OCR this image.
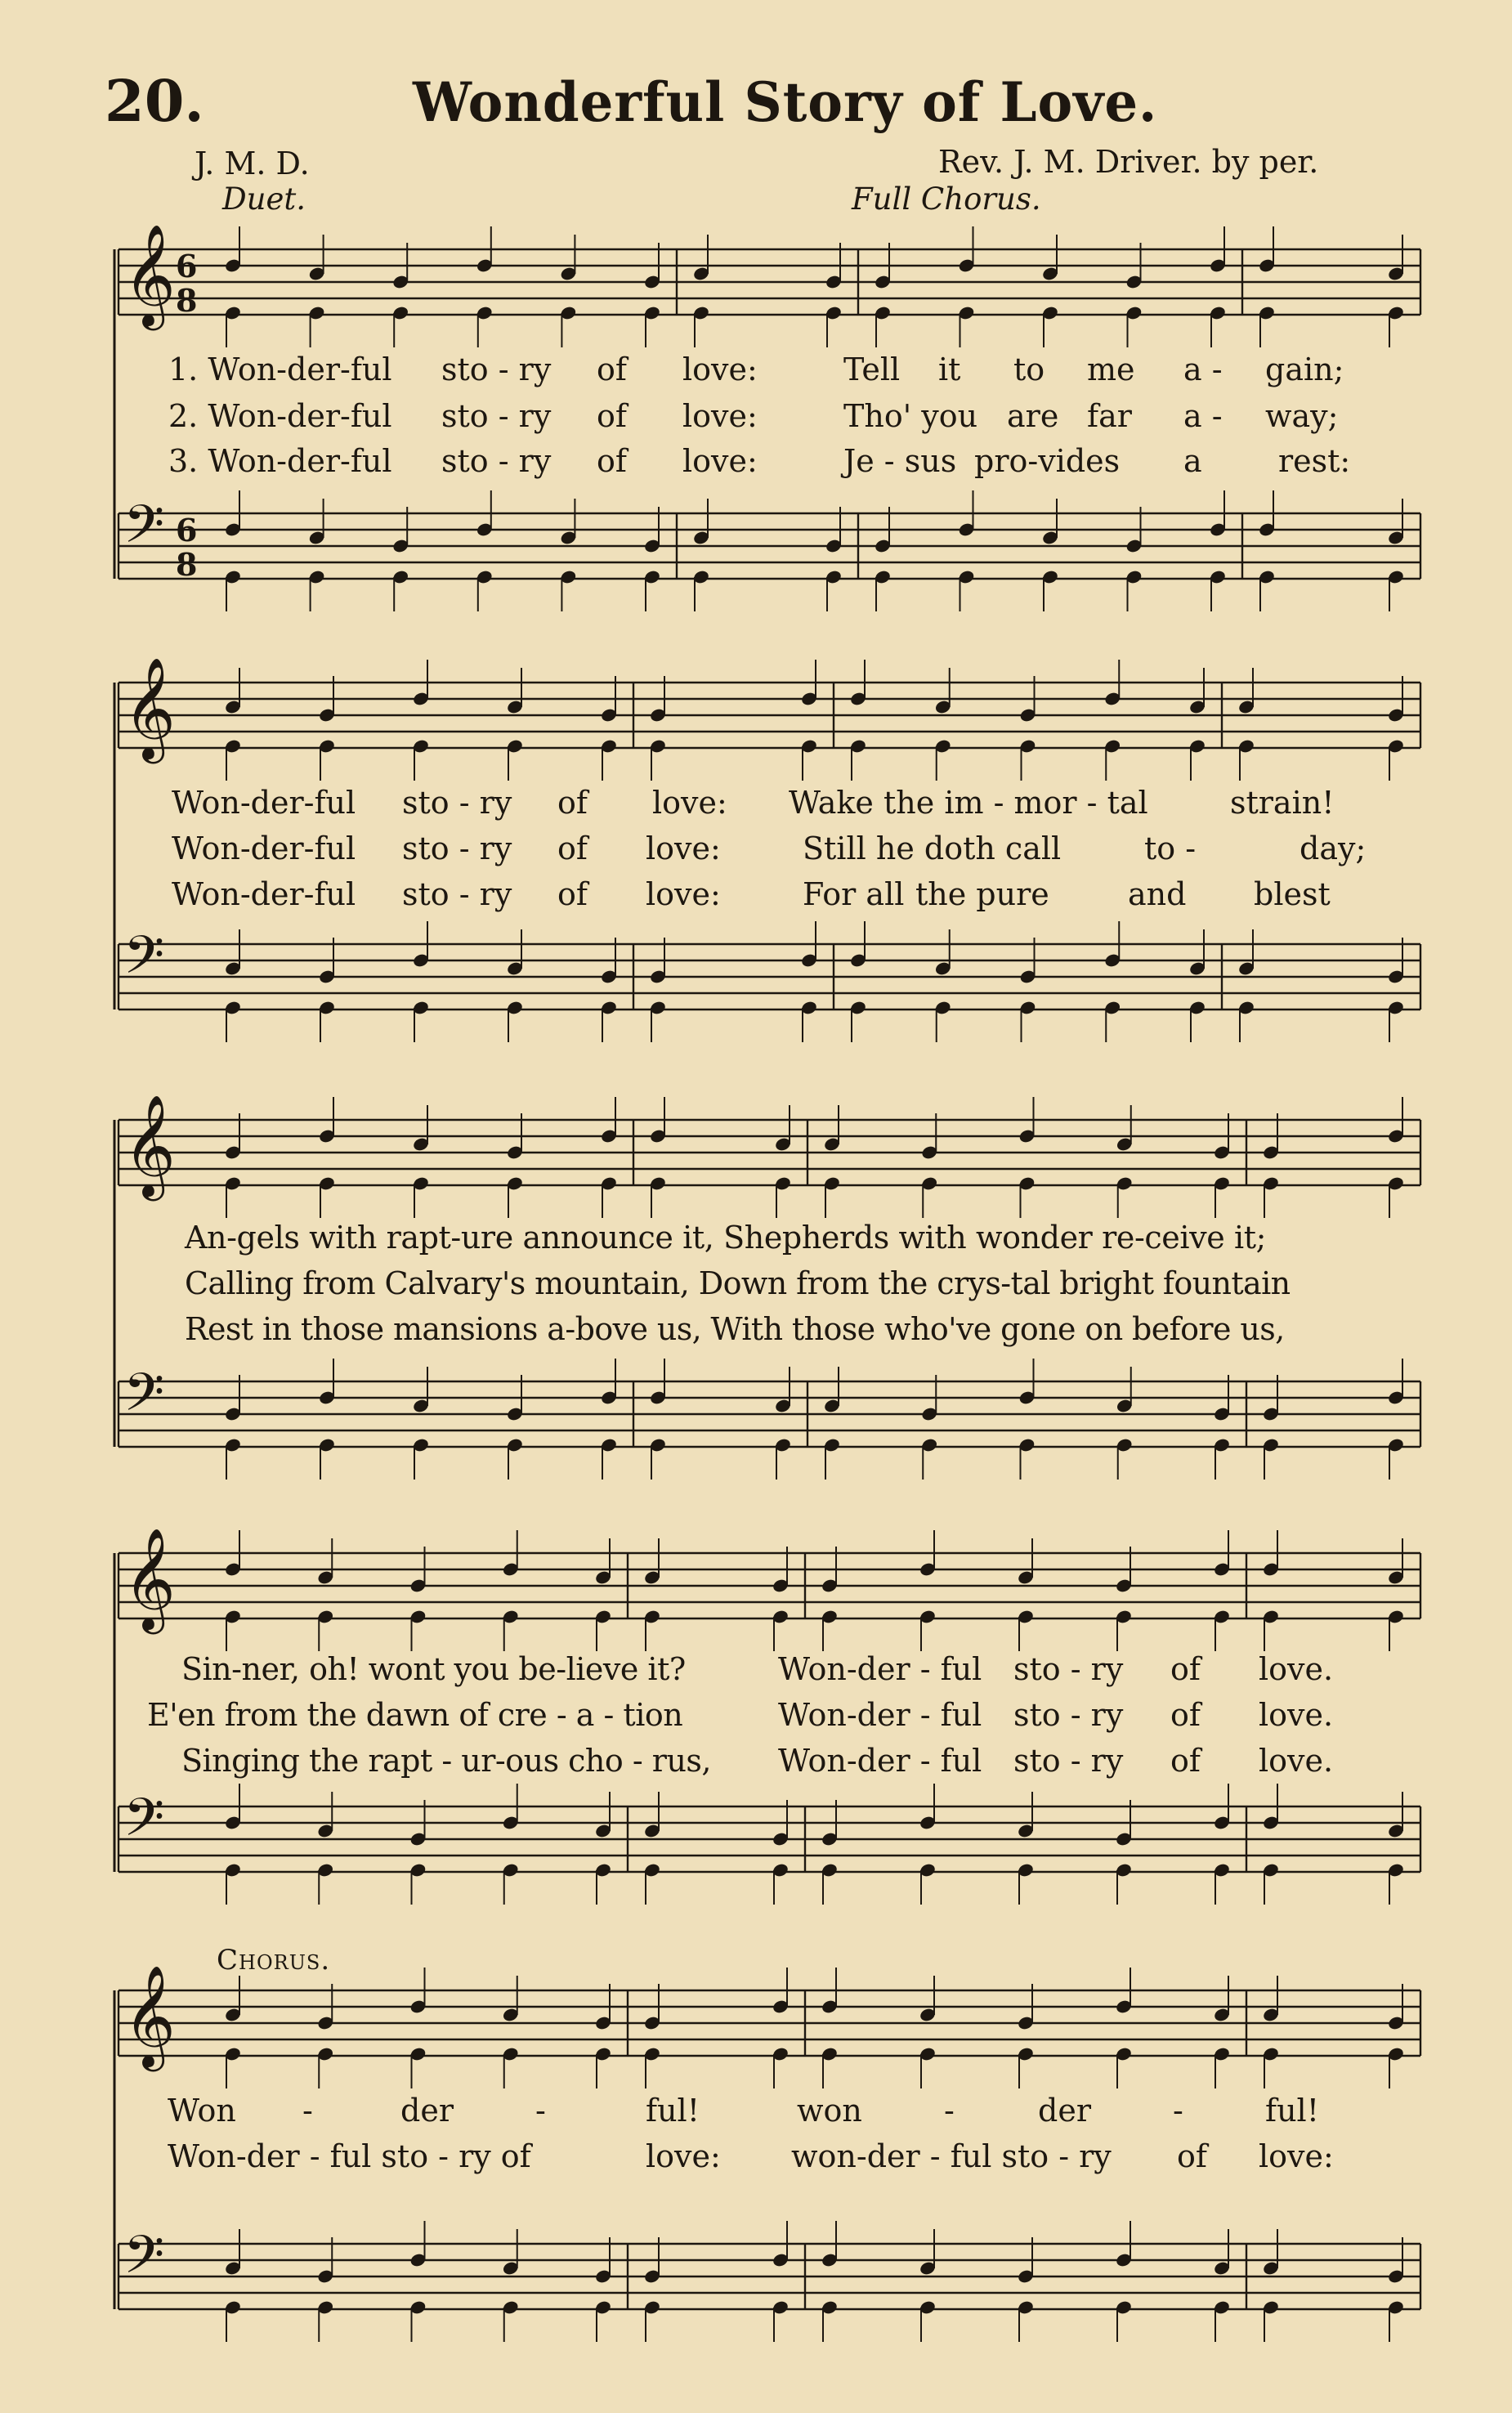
20.	Wonderful Story of Love.
J. M. D.	Rev. J. M. Driver. by per.
Duet.	Full Chorus.
𝄞 6
8
𝄢 6
8
𝄞
𝄢
𝄞
𝄢
𝄞
𝄢
𝄞
𝄢
1. Won-der-ful sto - ry of love:	Tell it to me a - gain;
2. Won-der-ful sto - ry of love:	Tho' you are far a - way;
3. Won-der-ful sto - ry of love:	Je - sus pro-vides a rest:
Won-der-ful sto - ry of love: Wake the im - mor - tal	strain!
Won-der-ful sto - ry of love:	Still he doth call	to -	day;
Won-der-ful sto - ry of love:	For all the pure	and blest
An-gels with rapt-ure announce it, Shepherds with wonder re-ceive it;
Calling from Calvary's mountain, Down from the crys-tal bright fountain
Rest in those mansions a-bove us, With those who've gone on before us,
Sin-ner, oh! wont you be-lieve it?	Won-der - ful sto - ry of love.
E'en from the dawn of cre - a - tion	Won-der - ful sto - ry of love.
Singing the rapt - ur-ous cho - rus, Won-der - ful sto - ry of love.
Chorus.
Won -	der	-	ful!	won	-	der	-	ful!
Won-der - ful sto - ry of	love: won-der - ful sto - ry of love:
